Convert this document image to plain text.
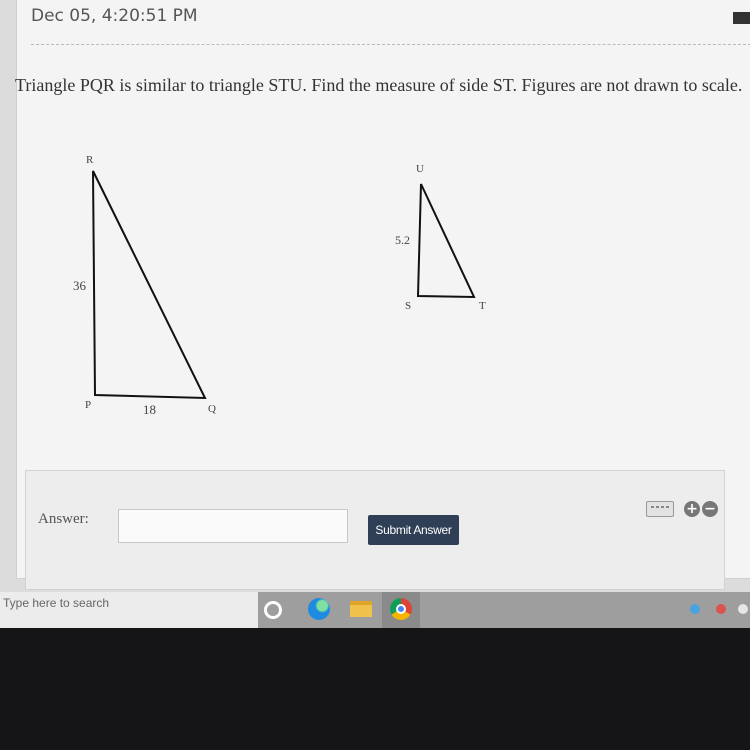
Dec 05, 4:20:51 PM
Triangle PQR is similar to triangle STU. Find the measure of side ST. Figures are not drawn to scale.
R
P	Q
36
18
U
S	T
5.2
Answer:
Submit Answer
+ −
Type here to search
